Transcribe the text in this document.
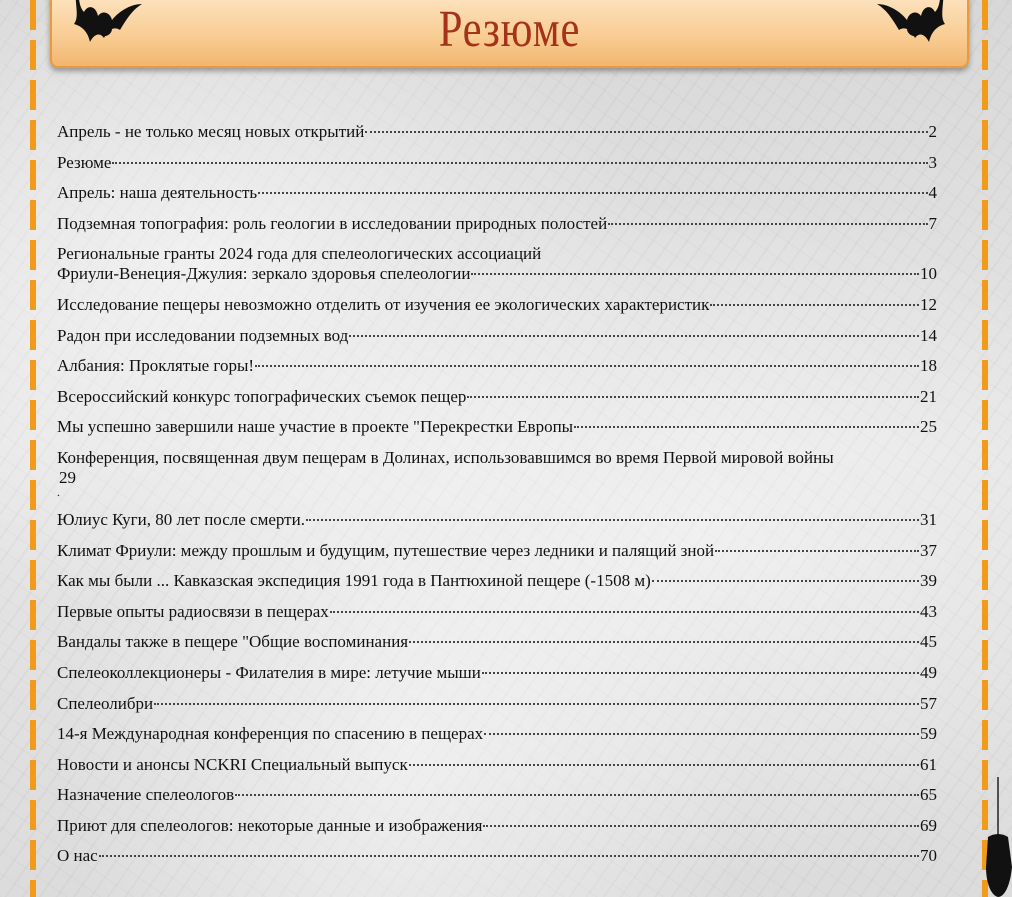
Резюме
Апрель - не только месяц новых открытий	2
Резюме	3
Апрель: наша деятельность	4
Подземная топография: роль геологии в исследовании природных полостей	7
Региональные гранты 2024 года для спелеологических ассоциаций
Фриули-Венеция-Джулия: зеркало здоровья спелеологии	10
Исследование пещеры невозможно отделить от изучения ее экологических характеристик	12
Радон при исследовании подземных вод	14
Албания: Проклятые горы!	18
Всероссийский конкурс топографических съемок пещер	21
Мы успешно завершили наше участие в проекте "Перекрестки Европы	25
Конференция, посвященная двум пещерам в Долинах, использовавшимся во время Первой мировой войны
29
.
Юлиус Куги, 80 лет после смерти.	31
Климат Фриули: между прошлым и будущим, путешествие через ледники и палящий зной	37
Как мы были ... Кавказская экспедиция 1991 года в Пантюхиной пещере (-1508 м)	39
Первые опыты радиосвязи в пещерах	43
Вандалы также в пещере "Общие воспоминания	45
Спелеоколлекционеры - Филателия в мире: летучие мыши	49
Спелеолибри	57
14-я Международная конференция по спасению в пещерах	59
Новости и анонсы NCKRI Специальный выпуск	61
Назначение спелеологов	65
Приют для спелеологов: некоторые данные и изображения	69
О нас	70
